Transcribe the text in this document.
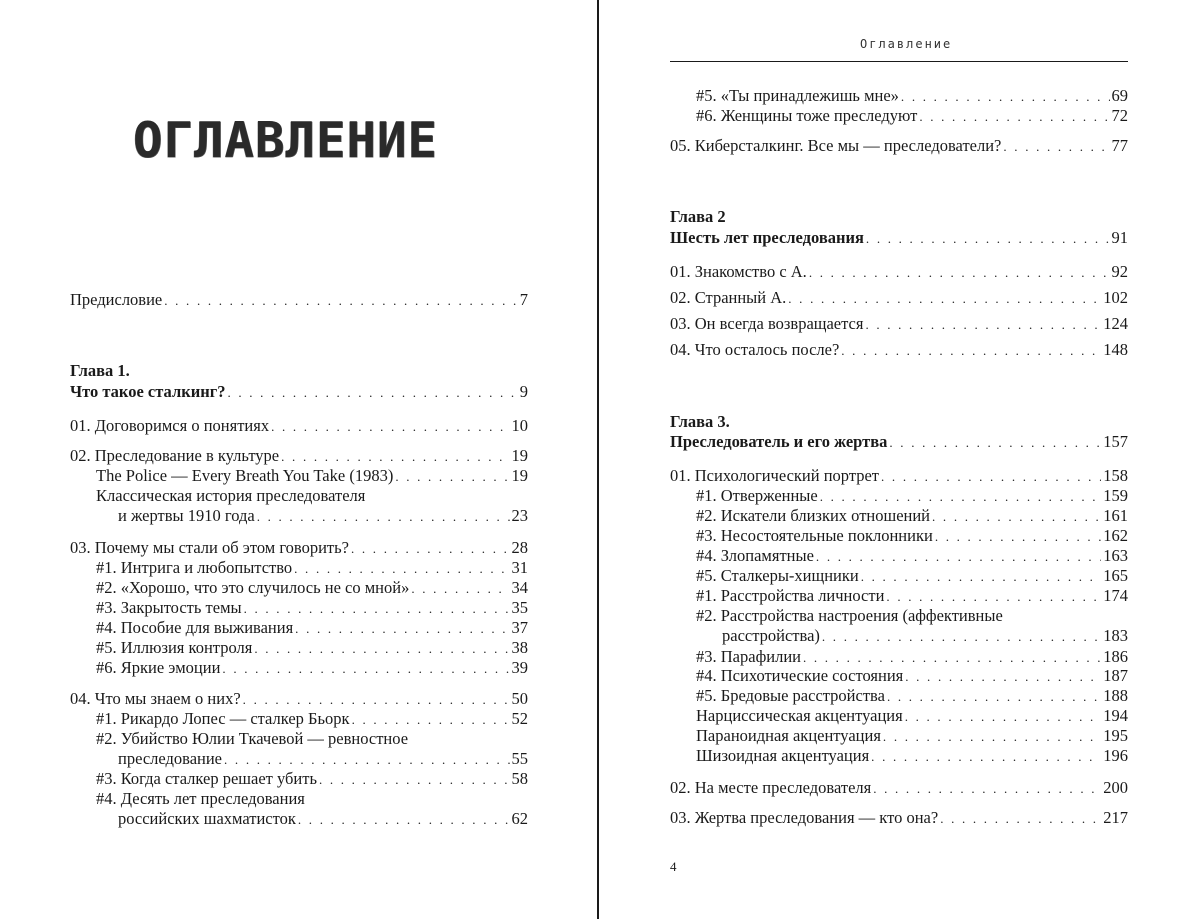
ОГЛАВЛЕНИЕ
Предисловие . . .	7
Глава 1.
Что такое сталкинг? . . .	9
01. Договоримся о понятиях . . .	10
02. Преследование в культуре . . .	19
The Police — Every Breath You Take (1983) . . .	19
Классическая история преследователя
и жертвы 1910 года . . .	23
03. Почему мы стали об этом говорить? . . .	28
#1. Интрига и любопытство . . .	31
#2. «Хорошо, что это случилось не со мной» . . .	34
#3. Закрытость темы . . .	35
#4. Пособие для выживания . . .	37
#5. Иллюзия контроля . . .	38
#6. Яркие эмоции . . .	39
04. Что мы знаем о них? . . .	50
#1. Рикардо Лопес — сталкер Бьорк . . .	52
#2. Убийство Юлии Ткачевой — ревностное
преследование . . .	55
#3. Когда сталкер решает убить . . .	58
#4. Десять лет преследования
российских шахматисток . . .	62
Оглавление
#5. «Ты принадлежишь мне» . . .	69
#6. Женщины тоже преследуют . . .	72
05. Киберсталкинг. Все мы — преследователи? . . .	77
Глава 2
Шесть лет преследования . . .	91
01. Знакомство с А. . . .	92
02. Странный А. . . .	102
03. Он всегда возвращается . . .	124
04. Что осталось после? . . .	148
Глава 3.
Преследователь и его жертва . . .	157
01. Психологический портрет . . .	158
#1. Отверженные . . .	159
#2. Искатели близких отношений . . .	161
#3. Несостоятельные поклонники . . .	162
#4. Злопамятные . . .	163
#5. Сталкеры-хищники . . .	165
#1. Расстройства личности . . .	174
#2. Расстройства настроения (аффективные
расстройства) . . .	183
#3. Парафилии . . .	186
#4. Психотические состояния . . .	187
#5. Бредовые расстройства . . .	188
Нарциссическая акцентуация . . .	194
Параноидная акцентуация . . .	195
Шизоидная акцентуация . . .	196
02. На месте преследователя . . .	200
03. Жертва преследования — кто она? . . .	217
4
